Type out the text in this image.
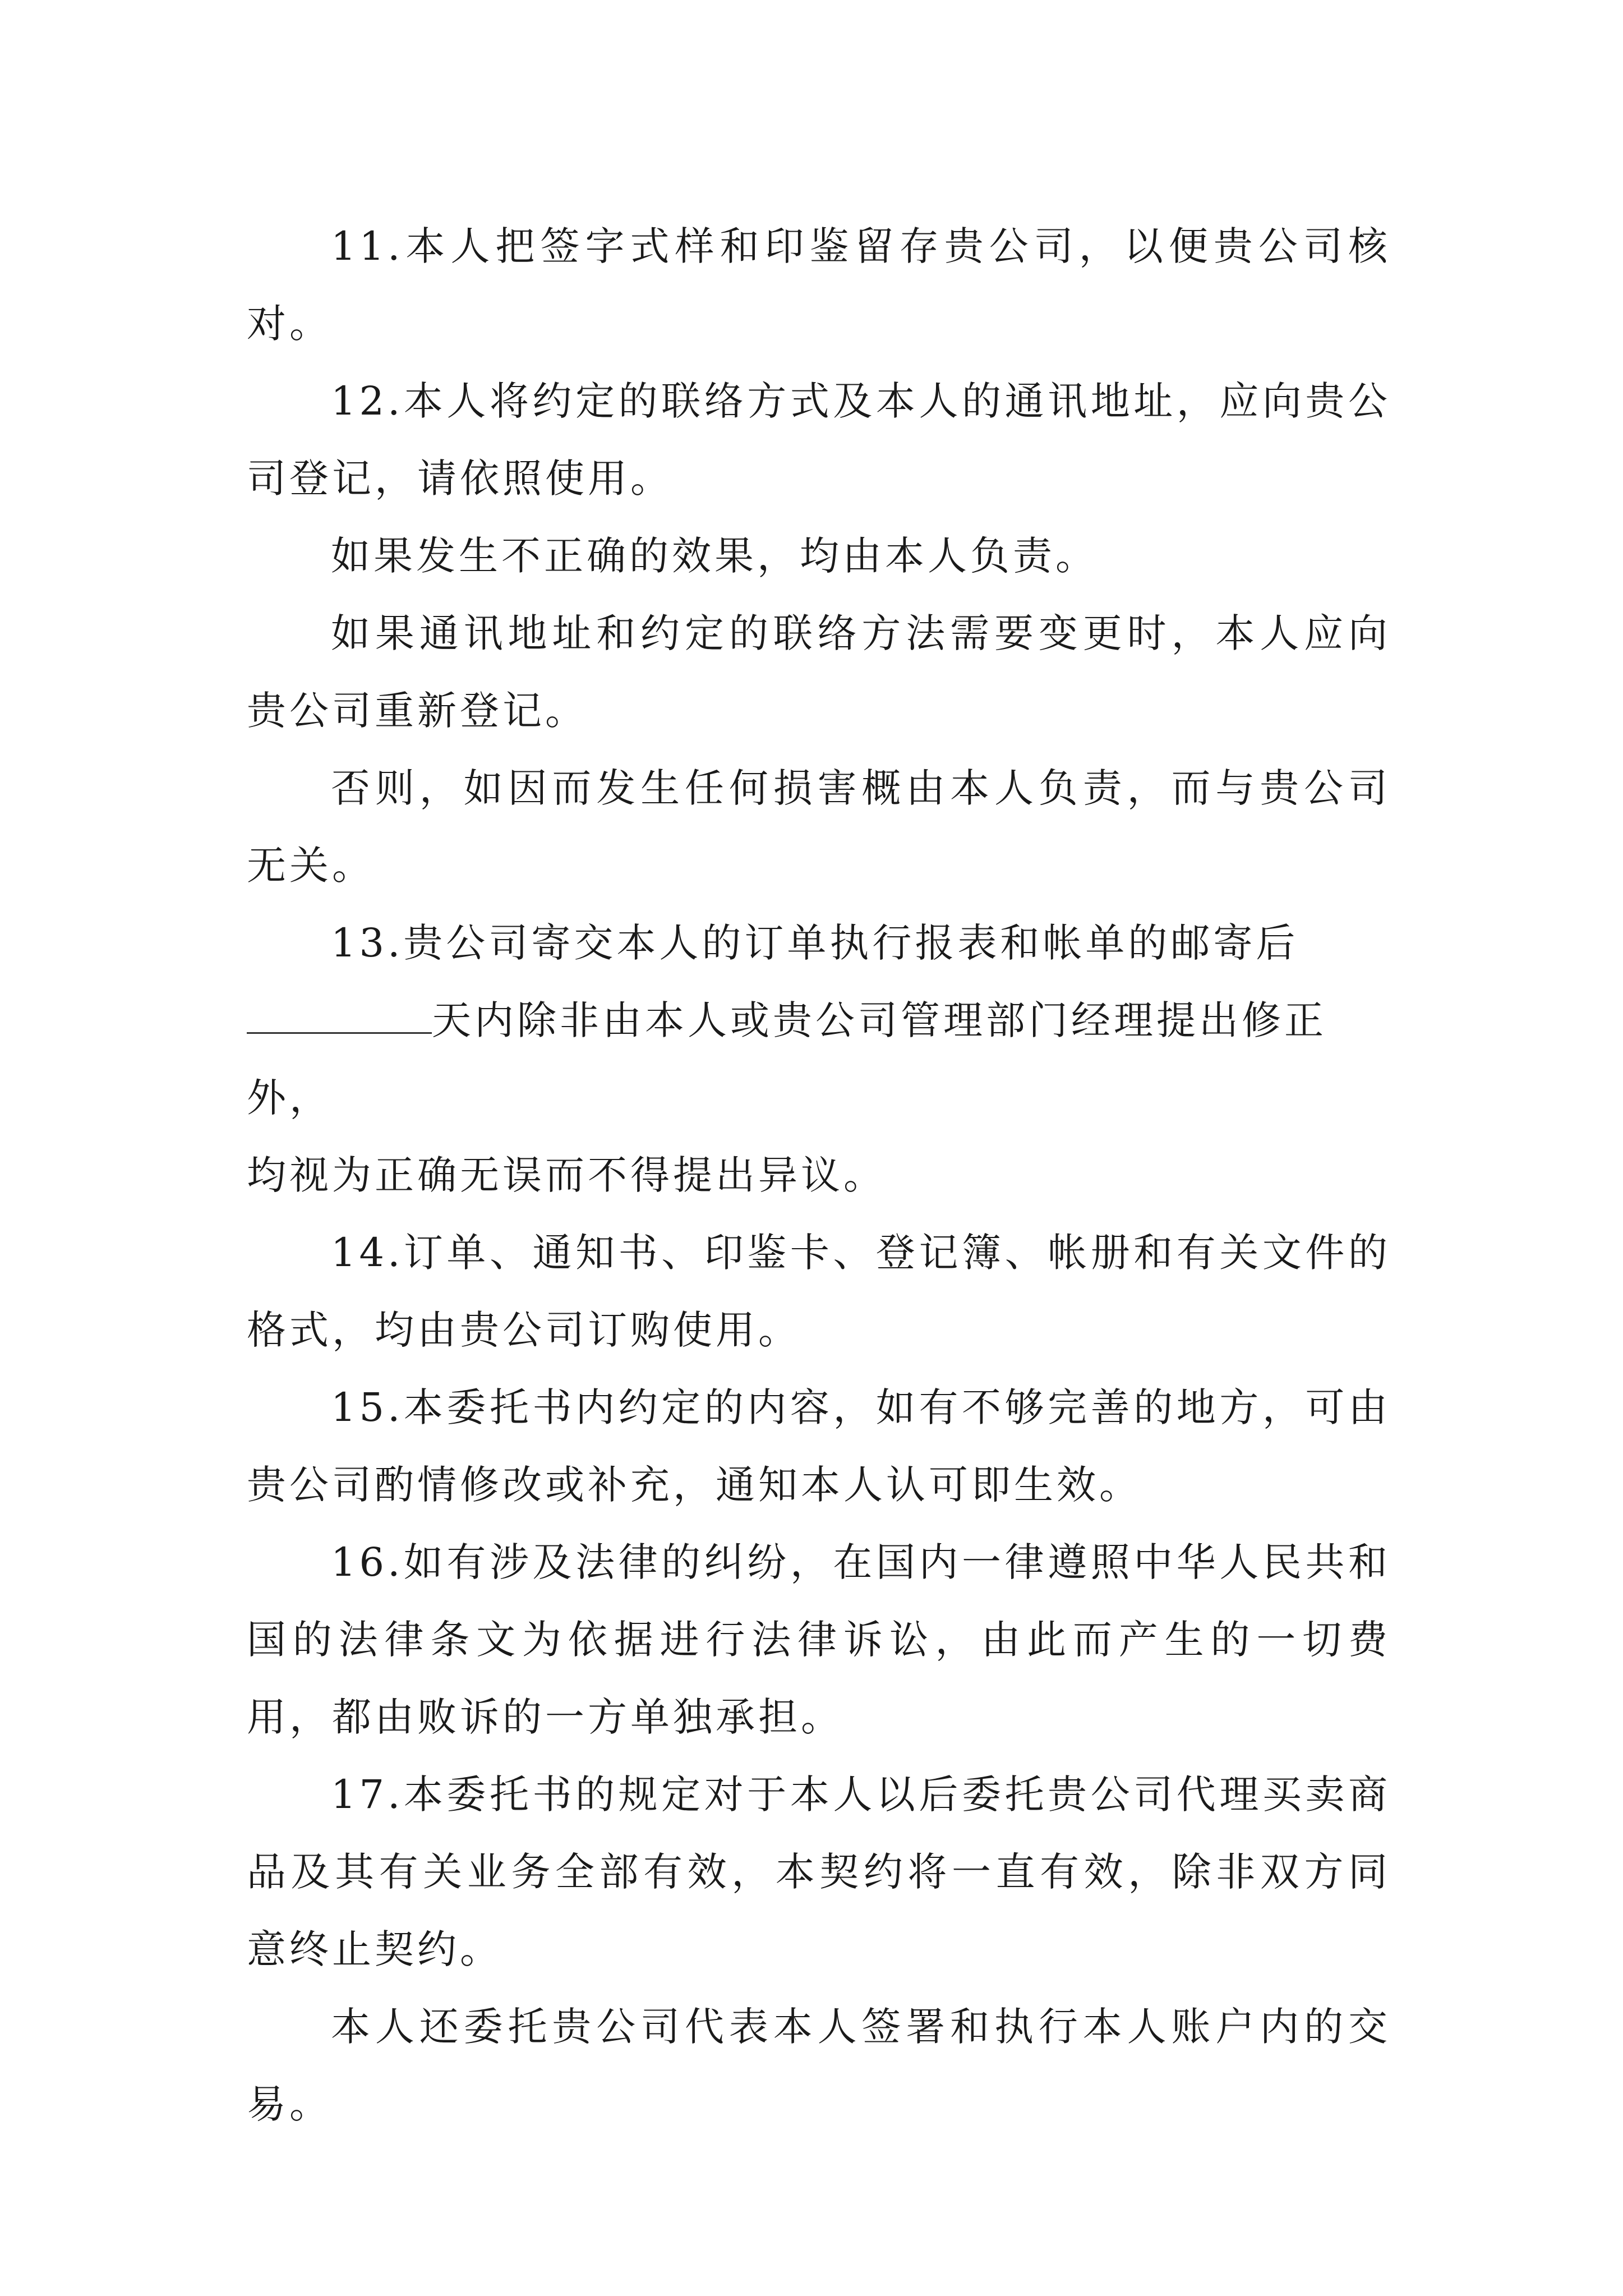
11.本人把签字式样和印鉴留存贵公司，以便贵公司核对。

12.本人将约定的联络方式及本人的通讯地址，应向贵公司登记，请依照使用。

如果发生不正确的效果，均由本人负责。

如果通讯地址和约定的联络方法需要变更时，本人应向贵公司重新登记。

否则，如因而发生任何损害概由本人负责，而与贵公司无关。

13.贵公司寄交本人的订单执行报表和帐单的邮寄后
天内除非由本人或贵公司管理部门经理提出修正外，
均视为正确无误而不得提出异议。

14.订单、通知书、印鉴卡、登记簿、帐册和有关文件的格式，均由贵公司订购使用。

15.本委托书内约定的内容，如有不够完善的地方，可由贵公司酌情修改或补充，通知本人认可即生效。

16.如有涉及法律的纠纷，在国内一律遵照中华人民共和国的法律条文为依据进行法律诉讼，由此而产生的一切费用，都由败诉的一方单独承担。

17.本委托书的规定对于本人以后委托贵公司代理买卖商品及其有关业务全部有效，本契约将一直有效，除非双方同意终止契约。

本人还委托贵公司代表本人签署和执行本人账户内的交易。
